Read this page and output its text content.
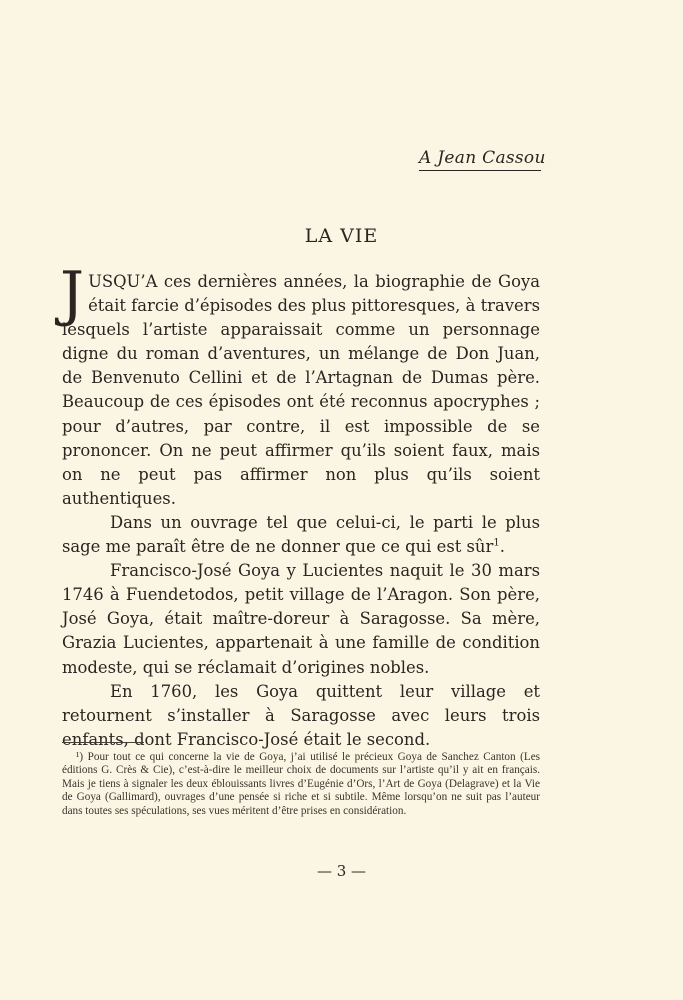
A Jean Cassou
LA VIE

JUSQU’A ces dernières années, la biographie de Goya était farcie d’épisodes des plus pittoresques, à travers lesquels l’artiste apparaissait comme un personnage digne du roman d’aventures, un mélange de Don Juan, de Benvenuto Cellini et de l’Artagnan de Dumas père. Beaucoup de ces épisodes ont été reconnus apocryphes ; pour d’autres, par contre, il est impossible de se prononcer. On ne peut affirmer qu’ils soient faux, mais on ne peut pas affirmer non plus qu’ils soient authentiques.

Dans un ouvrage tel que celui-ci, le parti le plus sage me paraît être de ne donner que ce qui est sûr$^1$.

Francisco-José Goya y Lucientes naquit le 30 mars 1746 à Fuendetodos, petit village de l’Aragon. Son père, José Goya, était maître-doreur à Saragosse. Sa mère, Grazia Lucientes, appartenait à une famille de condition modeste, qui se réclamait d’origines nobles.

En 1760, les Goya quittent leur village et retournent s’installer à Saragosse avec leurs trois enfants, dont Francisco-José était le second.

¹) Pour tout ce qui concerne la vie de Goya, j’ai utilisé le précieux Goya de Sanchez Canton (Les éditions G. Crès & Cie), c’est-à-dire le meilleur choix de documents sur l’artiste qu’il y ait en français. Mais je tiens à signaler les deux éblouissants livres d’Eugénie d’Ors, l’Art de Goya (Delagrave) et la Vie de Goya (Gallimard), ouvrages d’une pensée si riche et si subtile. Même lorsqu’on ne suit pas l’auteur dans toutes ses spéculations, ses vues méritent d’être prises en considération.
— 3 —
